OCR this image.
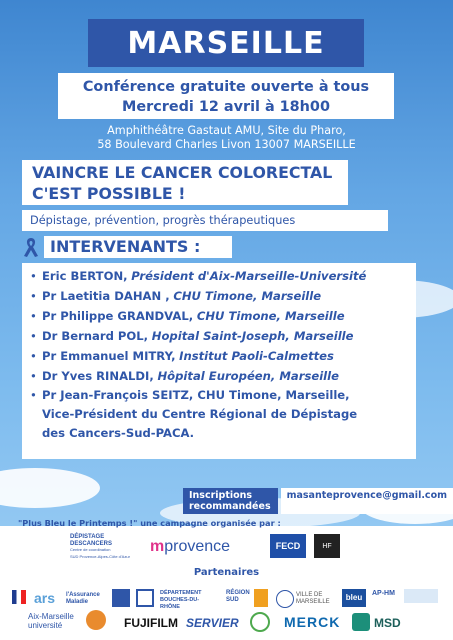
MARSEILLE
Conférence gratuite ouverte à tous
Mercredi 12 avril à 18h00
Amphithéâtre Gastaut AMU, Site du Pharo,
58 Boulevard Charles Livon 13007 MARSEILLE
VAINCRE LE CANCER COLORECTAL
C'EST POSSIBLE !
Dépistage, prévention, progrès thérapeutiques
INTERVENANTS :
• Eric BERTON, Président d'Aix-Marseille-Université
• Pr Laetitia DAHAN , CHU Timone, Marseille
• Pr Philippe GRANDVAL, CHU Timone, Marseille
• Dr Bernard POL, Hopital Saint-Joseph, Marseille
• Pr Emmanuel MITRY, Institut Paoli-Calmettes
• Dr Yves RINALDI, Hôpital Européen, Marseille
• Pr Jean-François SEITZ, CHU Timone, Marseille,
Vice-Président du Centre Régional de Dépistage
des Cancers-Sud-PACA.
Inscriptions recommandées
masanteprovence@gmail.com
"Plus Bleu le Printemps !" une campagne organisée par :
DÉPISTAGE
DESCANCERS
Centre de coordination
SUD Provence-Alpes-Côte d'Azur
mprovence	FECD	HF
Partenaires
ars l'Assurance Maladie
DÉPARTEMENT BOUCHES-DU-RHÔNE
RÉGION SUD
VILLE DE MARSEILLE	bleu	AP-HM
Aix-Marseille université	FUJIFILM SERVIER	MERCK	MSD
